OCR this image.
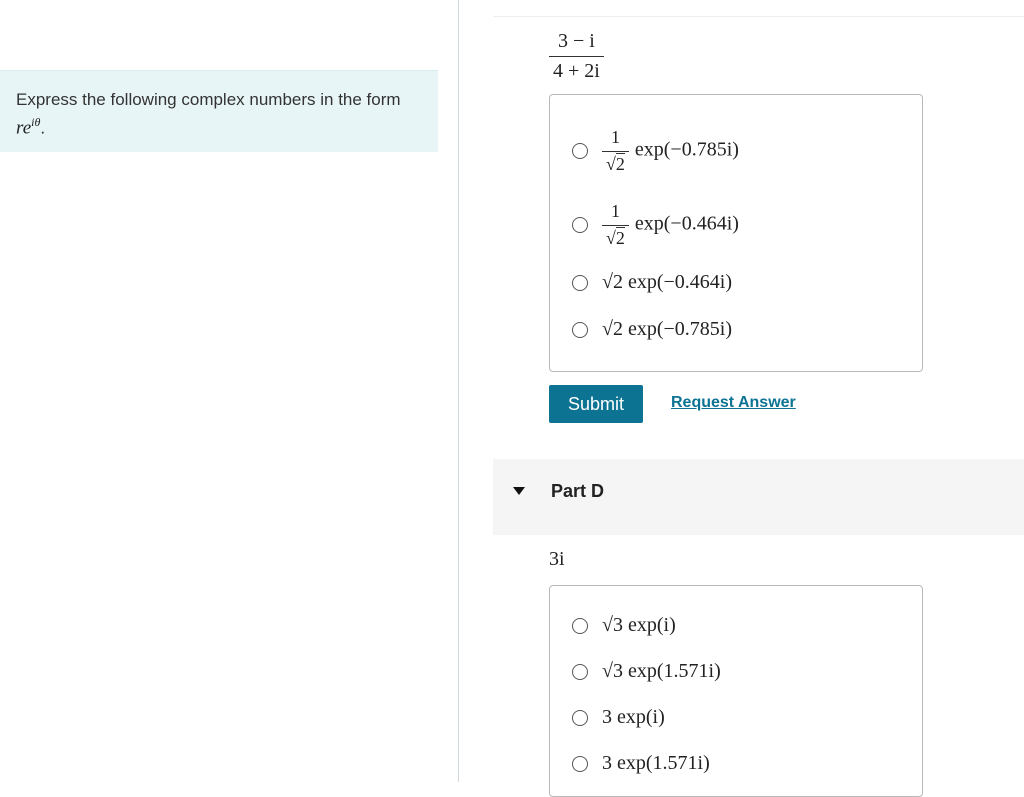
Express the following complex numbers in the form
$re^{i\theta}$.
$\frac{3 - i}{4 + 2i}$
$\frac{1}{√2} \exp(-0.785i)$
$\frac{1}{√2} \exp(-0.464i)$
√2 exp(−0.464i)
√2 exp(−0.785i)
Submit	Request Answer
Part D
3i
√3 exp(i)
√3 exp(1.571i)
3 exp(i)
3 exp(1.571i)
